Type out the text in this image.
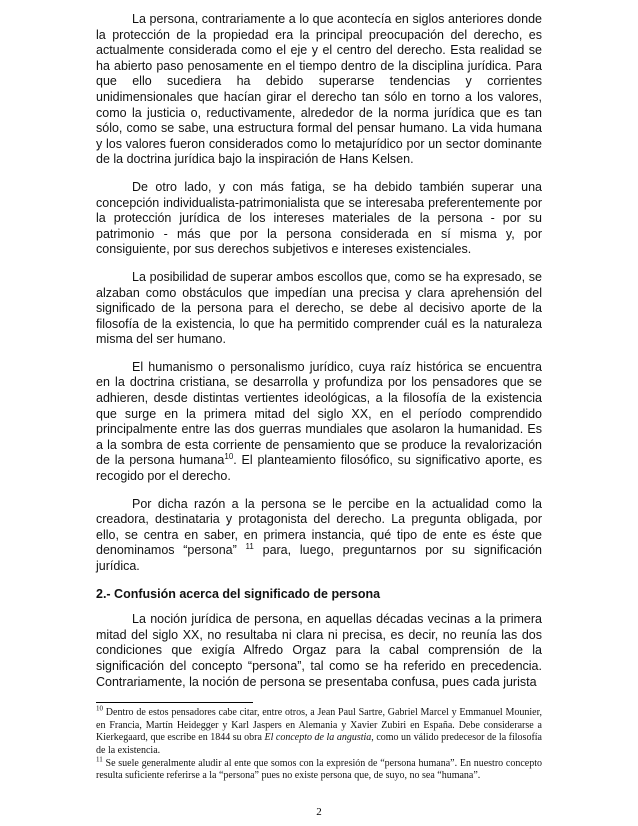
La persona, contrariamente a lo que acontecía en siglos anteriores donde la protección de la propiedad era la principal preocupación del derecho, es actualmente considerada como el eje y el centro del derecho. Esta realidad se ha abierto paso penosamente en el tiempo dentro de la disciplina jurídica. Para que ello sucediera ha debido superarse tendencias y corrientes unidimensionales que hacían girar el derecho tan sólo en torno a los valores, como la justicia o, reductivamente, alrededor de la norma jurídica que es tan sólo, como se sabe, una estructura formal del pensar humano. La vida humana y los valores fueron considerados como lo metajurídico por un sector dominante de la doctrina jurídica bajo la inspiración de Hans Kelsen.

De otro lado, y con más fatiga, se ha debido también superar una concepción individualista-patrimonialista que se interesaba preferentemente por la protección jurídica de los intereses materiales de la persona - por su patrimonio - más que por la persona considerada en sí misma y, por consiguiente, por sus derechos subjetivos e intereses existenciales.

La posibilidad de superar ambos escollos que, como se ha expresado, se alzaban como obstáculos que impedían una precisa y clara aprehensión del significado de la persona para el derecho, se debe al decisivo aporte de la filosofía de la existencia, lo que ha permitido comprender cuál es la naturaleza misma del ser humano.

El humanismo o personalismo jurídico, cuya raíz histórica se encuentra en la doctrina cristiana, se desarrolla y profundiza por los pensadores que se adhieren, desde distintas vertientes ideológicas, a la filosofía de la existencia que surge en la primera mitad del siglo XX, en el período comprendido principalmente entre las dos guerras mundiales que asolaron la humanidad. Es a la sombra de esta corriente de pensamiento que se produce la revalorización de la persona humana$^{10}$. El planteamiento filosófico, su significativo aporte, es recogido por el derecho.

Por dicha razón a la persona se le percibe en la actualidad como la creadora, destinataria y protagonista del derecho. La pregunta obligada, por ello, se centra en saber, en primera instancia, qué tipo de ente es éste que denominamos “persona” $^{11}$ para, luego, preguntarnos por su significación jurídica.

2.- Confusión acerca del significado de persona

La noción jurídica de persona, en aquellas décadas vecinas a la primera mitad del siglo XX, no resultaba ni clara ni precisa, es decir, no reunía las dos condiciones que exigía Alfredo Orgaz para la cabal comprensión de la significación del concepto “persona”, tal como se ha referido en precedencia. Contrariamente, la noción de persona se presentaba confusa, pues cada jurista

$^{10}$ Dentro de estos pensadores cabe citar, entre otros, a Jean Paul Sartre, Gabriel Marcel y Emmanuel Mounier, en Francia, Martín Heidegger y Karl Jaspers en Alemania y Xavier Zubiri en España. Debe considerarse a Kierkegaard, que escribe en 1844 su obra El concepto de la angustia, como un válido predecesor de la filosofía de la existencia.

$^{11}$ Se suele generalmente aludir al ente que somos con la expresión de “persona humana”. En nuestro concepto resulta suficiente referirse a la “persona” pues no existe persona que, de suyo, no sea “humana”.

2
